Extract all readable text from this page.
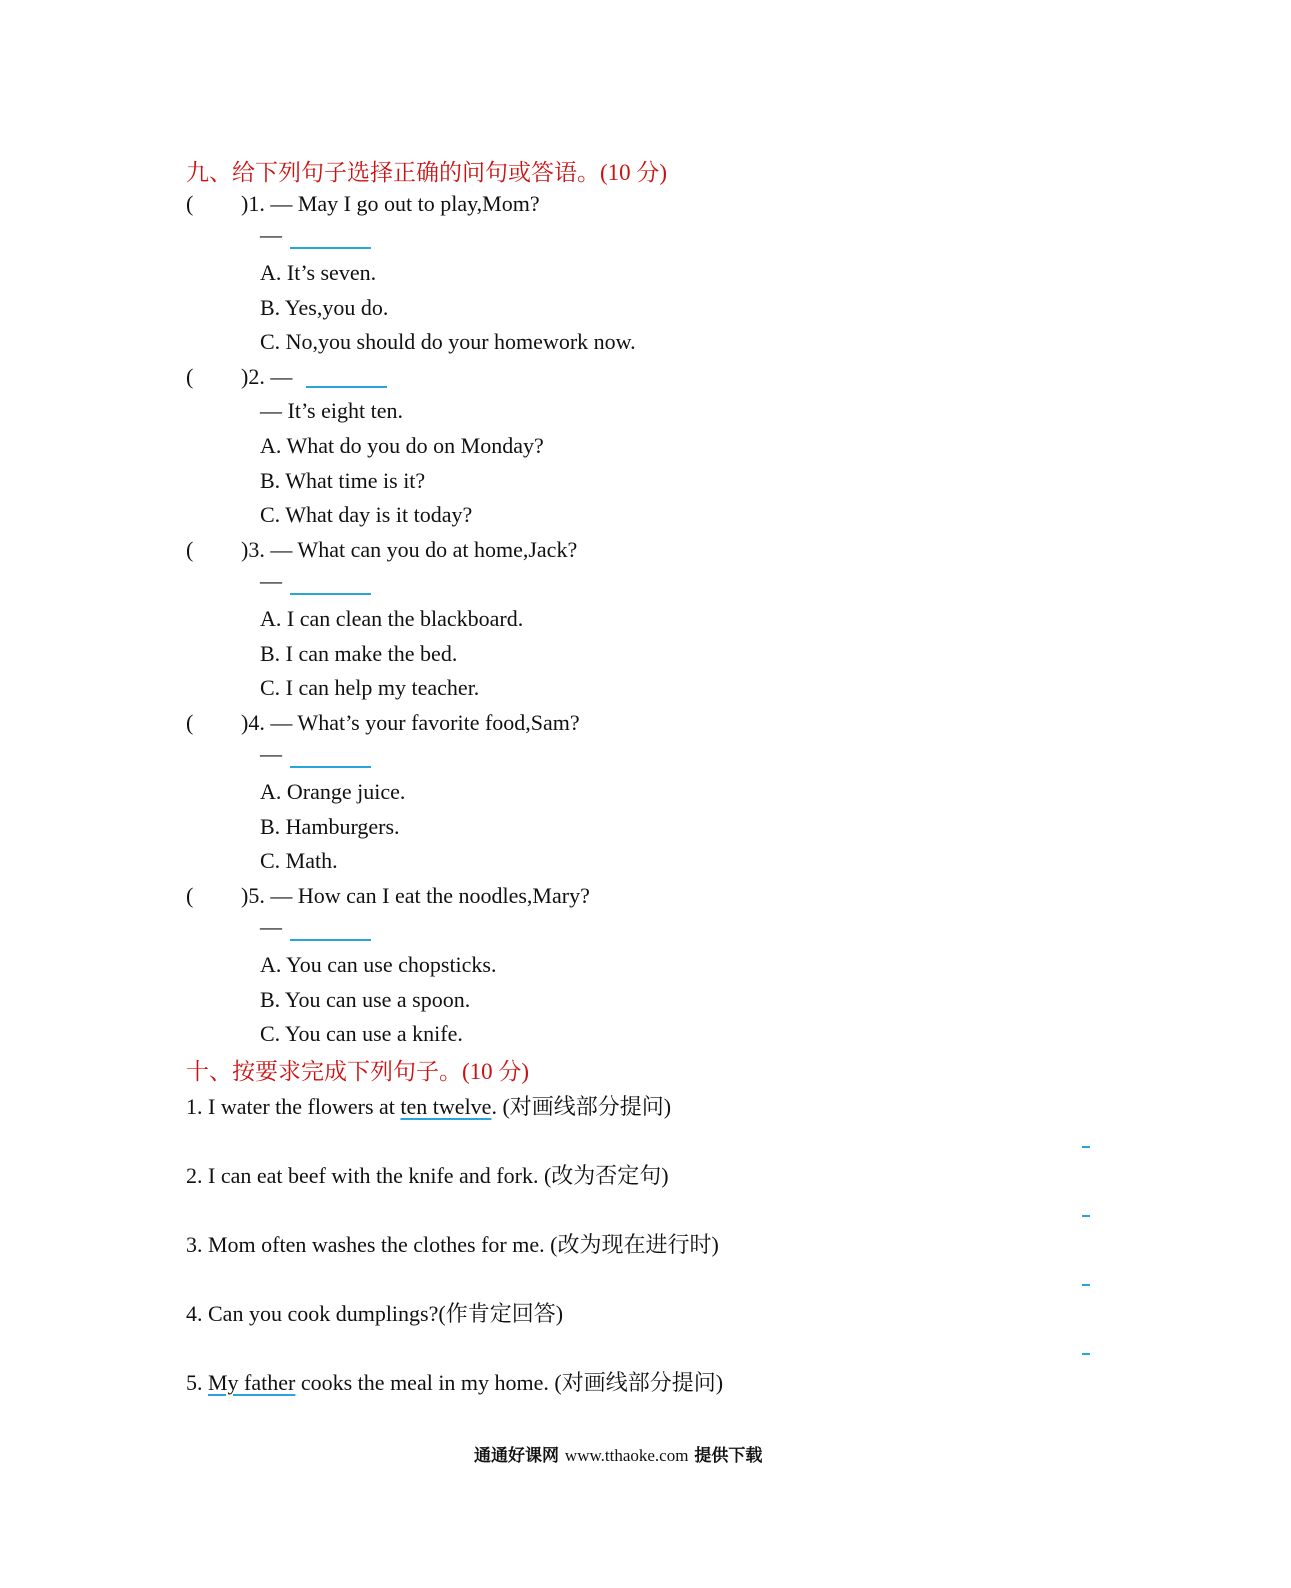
九、给下列句子选择正确的问句或答语。(10 分)
( )1. — May I go out to play,Mom?
—
A. It’s seven.
B. Yes,you do.
C. No,you should do your homework now.
( )2. —
— It’s eight ten.
A. What do you do on Monday?
B. What time is it?
C. What day is it today?
( )3. — What can you do at home,Jack?
—
A. I can clean the blackboard.
B. I can make the bed.
C. I can help my teacher.
( )4. — What’s your favorite food,Sam?
—
A. Orange juice.
B. Hamburgers.
C. Math.
( )5. — How can I eat the noodles,Mary?
—
A. You can use chopsticks.
B. You can use a spoon.
C. You can use a knife.
十、按要求完成下列句子。(10 分)
1. I water the flowers at ten twelve. (对画线部分提问)
2. I can eat beef with the knife and fork. (改为否定句)
3. Mom often washes the clothes for me. (改为现在进行时)
4. Can you cook dumplings?(作肯定回答)
5. My father cooks the meal in my home. (对画线部分提问)
通通好课网 www.tthaoke.com 提供下载
